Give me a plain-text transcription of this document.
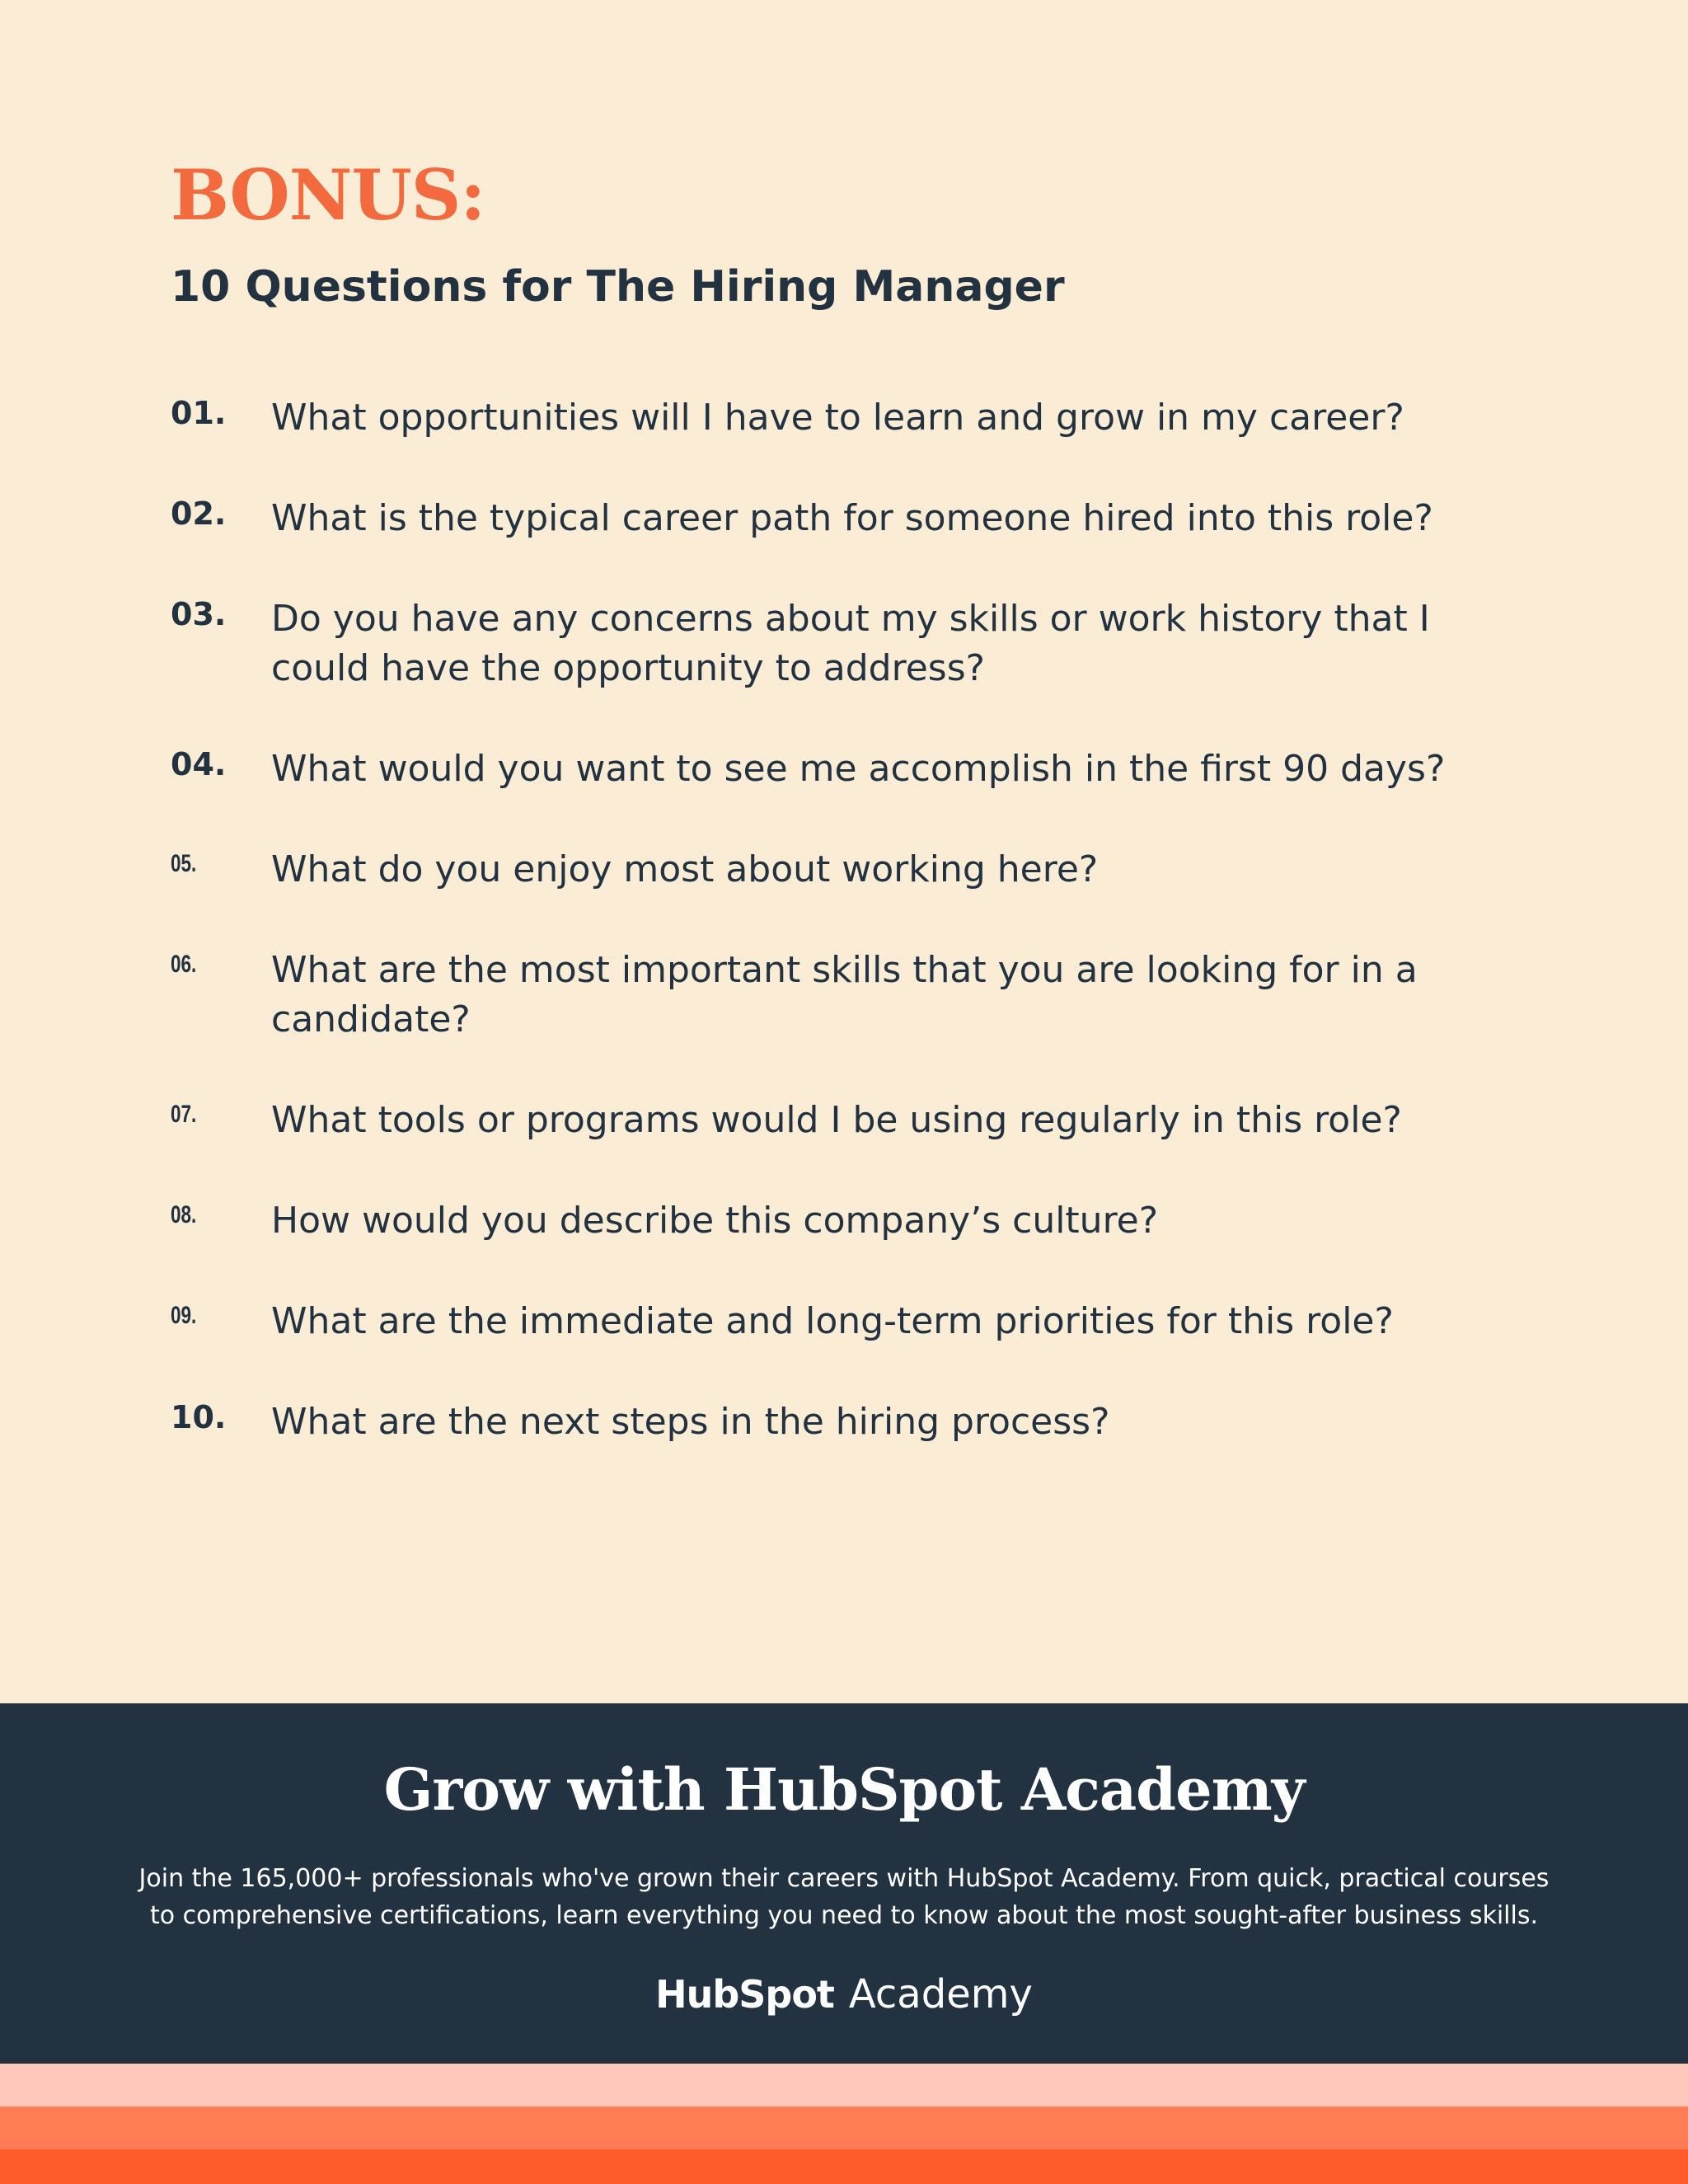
BONUS:
10 Questions for The Hiring Manager
01.	What opportunities will I have to learn and grow in my career?
02.	What is the typical career path for someone hired into this role?
03.	Do you have any concerns about my skills or work history that I could have the opportunity to address?
04.	What would you want to see me accomplish in the first 90 days?
05.	What do you enjoy most about working here?
06.	What are the most important skills that you are looking for in a candidate?
07.	What tools or programs would I be using regularly in this role?
08.	How would you describe this company’s culture?
09.	What are the immediate and long-term priorities for this role?
10.	What are the next steps in the hiring process?
Grow with HubSpot Academy

Join the 165,000+ professionals who've grown their careers with HubSpot Academy. From quick, practical courses to comprehensive certifications, learn everything you need to know about the most sought-after business skills.

HubSpot Academy
